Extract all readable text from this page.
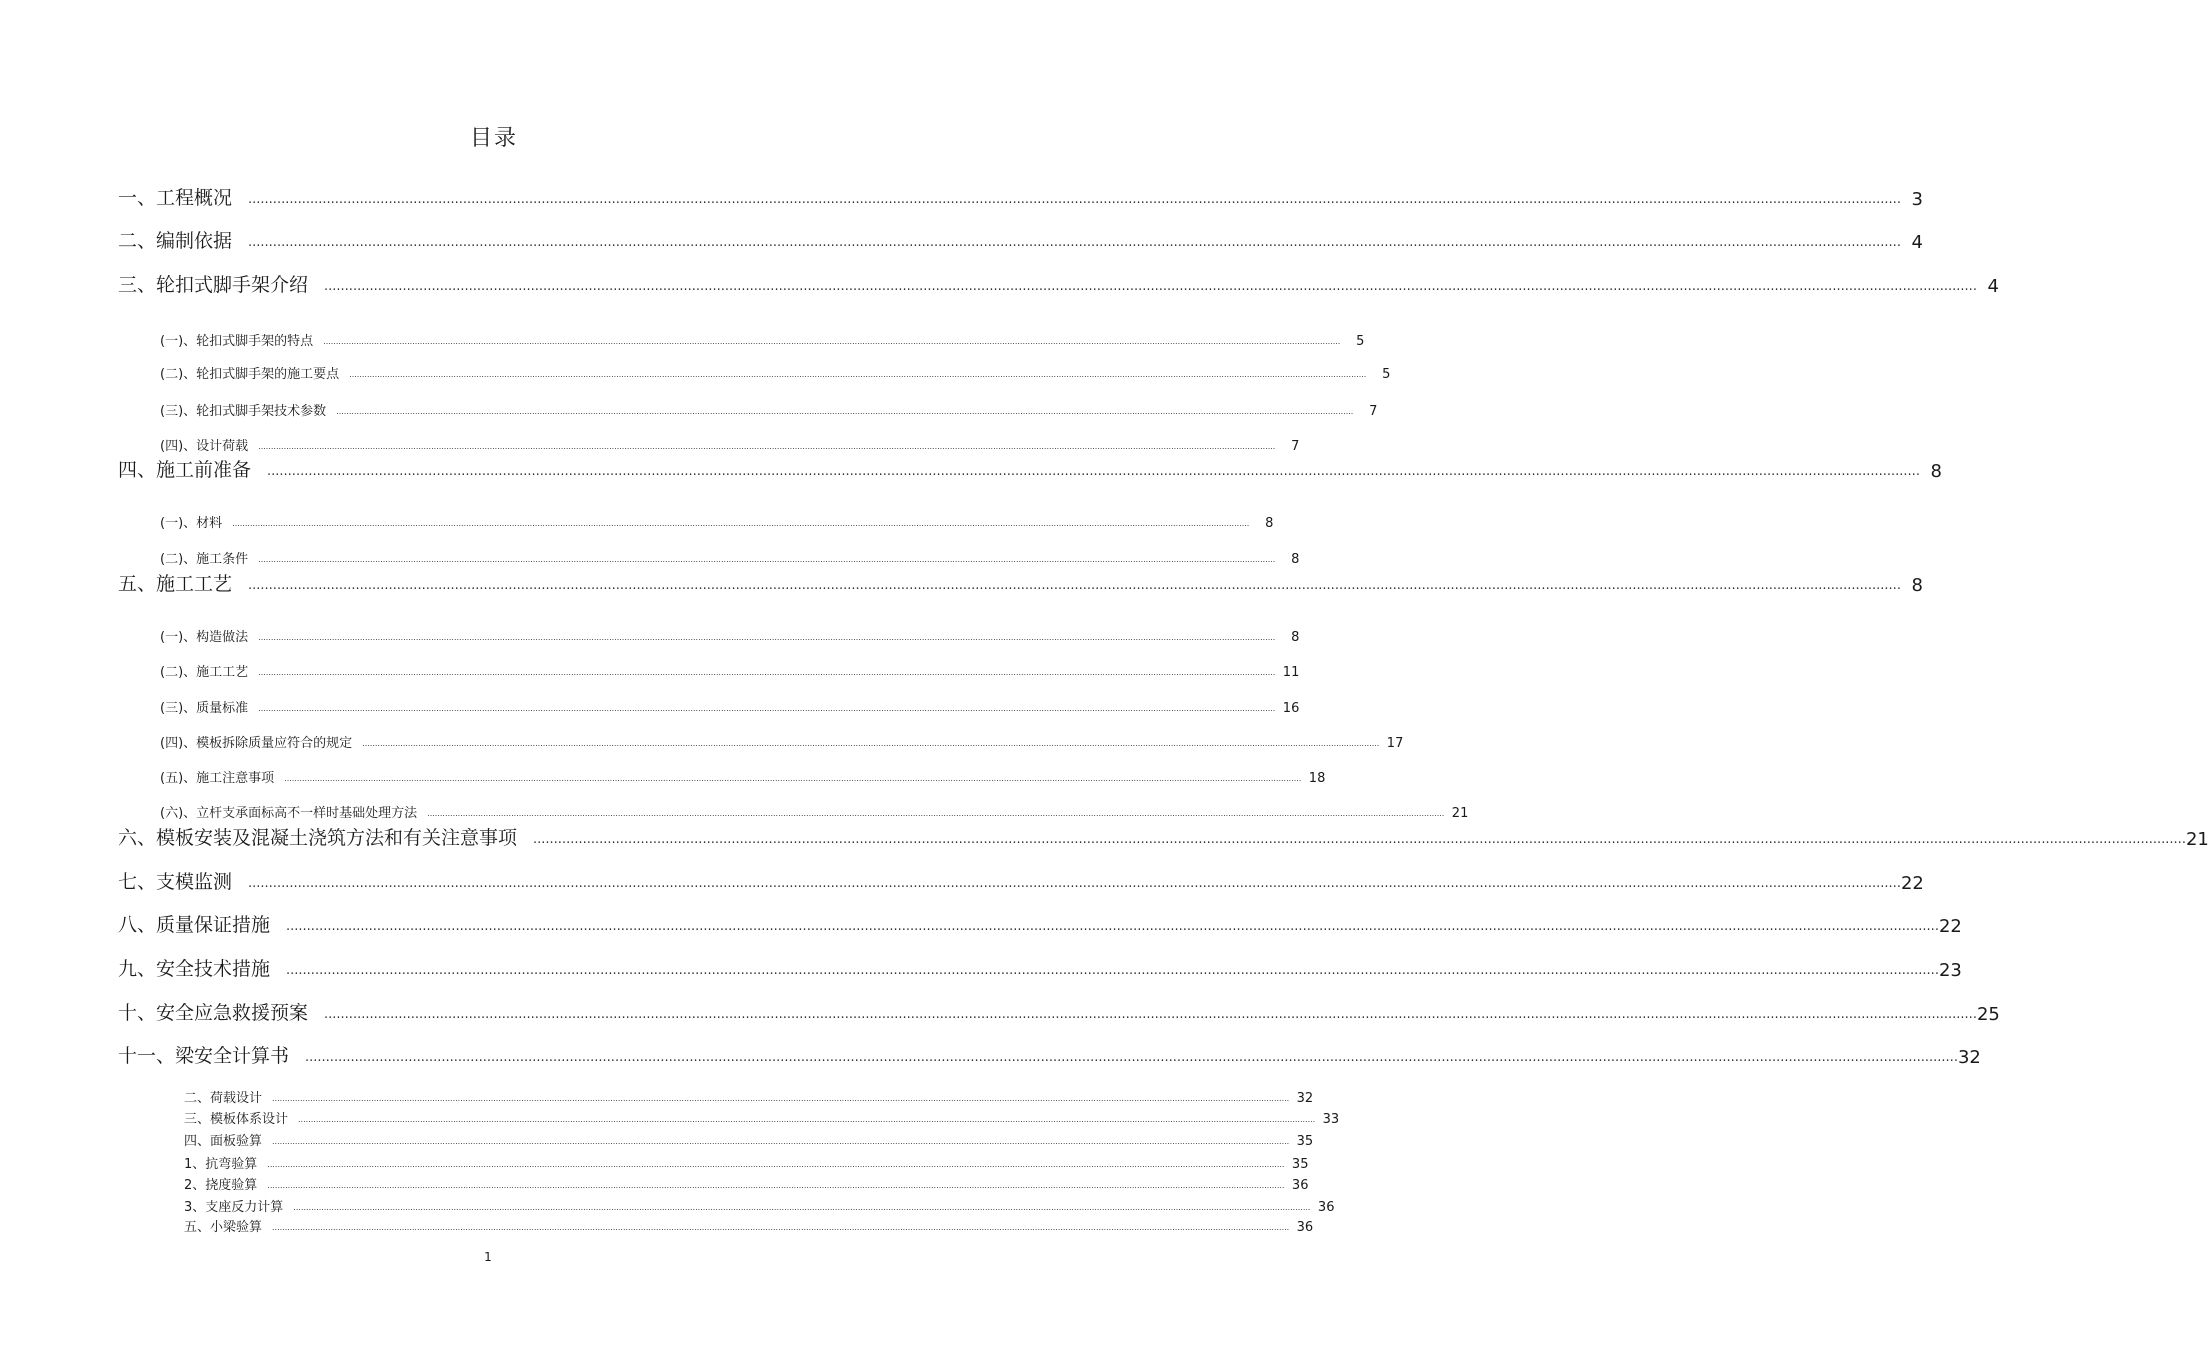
目录
一、工程概况 ................................................................................................................................................................................................................................................................................................................................................................................................................ 3
二、编制依据 ................................................................................................................................................................................................................................................................................................................................................................................................................ 4
三、轮扣式脚手架介绍 ................................................................................................................................................................................................................................................................................................................................................................................................................ 4
(一)、轮扣式脚手架的特点 ................................................................................................................................................................................................................................................................................................................................................................................................................	5
(二)、轮扣式脚手架的施工要点 ................................................................................................................................................................................................................................................................................................................................................................................................................	5
(三)、轮扣式脚手架技术参数 ................................................................................................................................................................................................................................................................................................................................................................................................................	7
(四)、设计荷载 ................................................................................................................................................................................................................................................................................................................................................................................................................	7
四、施工前准备 ................................................................................................................................................................................................................................................................................................................................................................................................................ 8
(一)、材料 ................................................................................................................................................................................................................................................................................................................................................................................................................	8
(二)、施工条件 ................................................................................................................................................................................................................................................................................................................................................................................................................	8
五、施工工艺 ................................................................................................................................................................................................................................................................................................................................................................................................................ 8
(一)、构造做法 ................................................................................................................................................................................................................................................................................................................................................................................................................	8
(二)、施工工艺 ................................................................................................................................................................................................................................................................................................................................................................................................................ 11
(三)、质量标准 ................................................................................................................................................................................................................................................................................................................................................................................................................ 16
(四)、模板拆除质量应符合的规定 ................................................................................................................................................................................................................................................................................................................................................................................................................ 17
(五)、施工注意事项 ................................................................................................................................................................................................................................................................................................................................................................................................................ 18
(六)、立杆支承面标高不一样时基础处理方法 ................................................................................................................................................................................................................................................................................................................................................................................................................ 21
六、模板安装及混凝土浇筑方法和有关注意事项 ................................................................................................................................................................................................................................................................................................................................................................................................................ 21
七、支模监测 ................................................................................................................................................................................................................................................................................................................................................................................................................ 22
八、质量保证措施 ................................................................................................................................................................................................................................................................................................................................................................................................................ 22
九、安全技术措施 ................................................................................................................................................................................................................................................................................................................................................................................................................ 23
十、安全应急救援预案 ................................................................................................................................................................................................................................................................................................................................................................................................................ 25
十一、梁安全计算书 ................................................................................................................................................................................................................................................................................................................................................................................................................ 32
二、荷载设计 ................................................................................................................................................................................................................................................................................................................................................................................................................ 32
三、模板体系设计 ................................................................................................................................................................................................................................................................................................................................................................................................................ 33
四、面板验算 ................................................................................................................................................................................................................................................................................................................................................................................................................ 35
1、抗弯验算 ................................................................................................................................................................................................................................................................................................................................................................................................................ 35
2、挠度验算 ................................................................................................................................................................................................................................................................................................................................................................................................................ 36
3、支座反力计算 ................................................................................................................................................................................................................................................................................................................................................................................................................ 36
五、小梁验算 ................................................................................................................................................................................................................................................................................................................................................................................................................ 36
1
